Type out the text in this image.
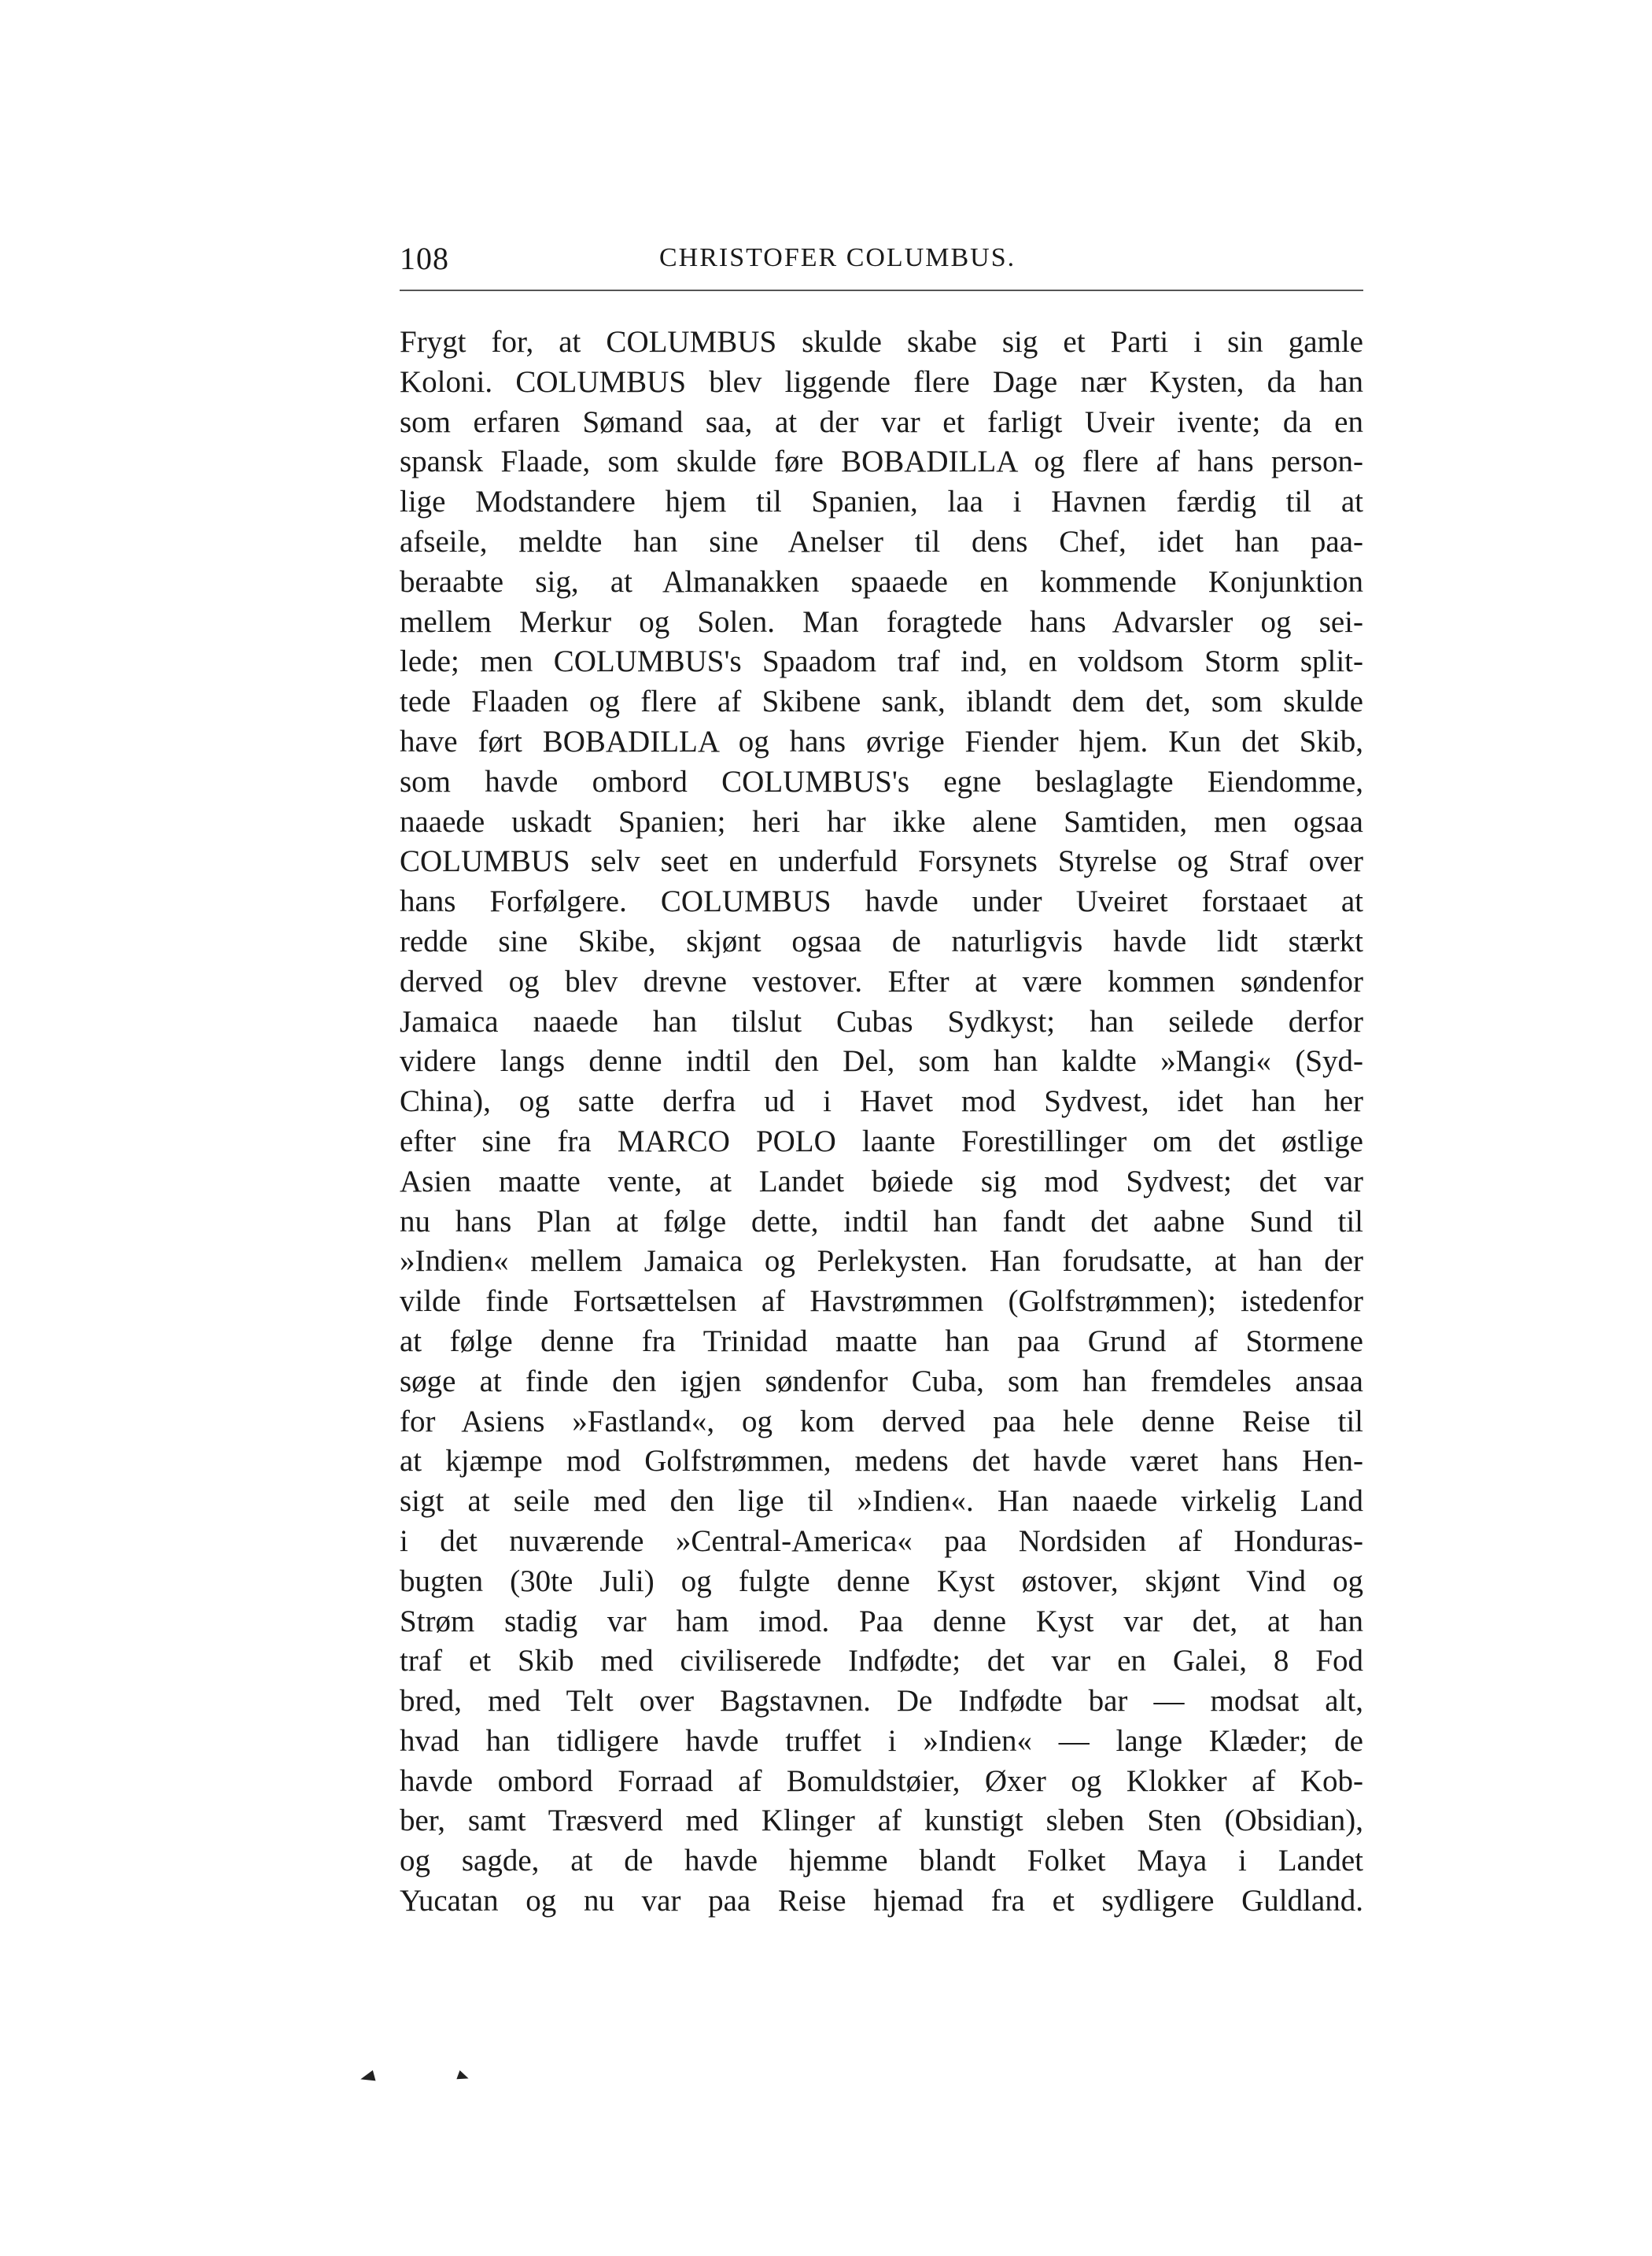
108	CHRISTOFER COLUMBUS.
Frygt for, at COLUMBUS skulde skabe sig et Parti i sin gamle
Koloni. COLUMBUS blev liggende flere Dage nær Kysten, da han
som erfaren Sømand saa, at der var et farligt Uveir ivente; da en
spansk Flaade, som skulde føre BOBADILLA og flere af hans person-
lige Modstandere hjem til Spanien, laa i Havnen færdig til at
afseile, meldte han sine Anelser til dens Chef, idet han paa-
beraabte sig, at Almanakken spaaede en kommende Konjunktion
mellem Merkur og Solen. Man foragtede hans Advarsler og sei-
lede; men COLUMBUS's Spaadom traf ind, en voldsom Storm split-
tede Flaaden og flere af Skibene sank, iblandt dem det, som skulde
have ført BOBADILLA og hans øvrige Fiender hjem. Kun det Skib,
som havde ombord COLUMBUS's egne beslaglagte Eiendomme,
naaede uskadt Spanien; heri har ikke alene Samtiden, men ogsaa
COLUMBUS selv seet en underfuld Forsynets Styrelse og Straf over
hans Forfølgere. COLUMBUS havde under Uveiret forstaaet at
redde sine Skibe, skjønt ogsaa de naturligvis havde lidt stærkt
derved og blev drevne vestover. Efter at være kommen søndenfor
Jamaica naaede han tilslut Cubas Sydkyst; han seilede derfor
videre langs denne indtil den Del, som han kaldte »Mangi« (Syd-
China), og satte derfra ud i Havet mod Sydvest, idet han her
efter sine fra MARCO POLO laante Forestillinger om det østlige
Asien maatte vente, at Landet bøiede sig mod Sydvest; det var
nu hans Plan at følge dette, indtil han fandt det aabne Sund til
»Indien« mellem Jamaica og Perlekysten. Han forudsatte, at han der
vilde finde Fortsættelsen af Havstrømmen (Golfstrømmen); istedenfor
at følge denne fra Trinidad maatte han paa Grund af Stormene
søge at finde den igjen søndenfor Cuba, som han fremdeles ansaa
for Asiens »Fastland«, og kom derved paa hele denne Reise til
at kjæmpe mod Golfstrømmen, medens det havde været hans Hen-
sigt at seile med den lige til »Indien«. Han naaede virkelig Land
i det nuværende »Central-America« paa Nordsiden af Honduras-
bugten (30te Juli) og fulgte denne Kyst østover, skjønt Vind og
Strøm stadig var ham imod. Paa denne Kyst var det, at han
traf et Skib med civiliserede Indfødte; det var en Galei, 8 Fod
bred, med Telt over Bagstavnen. De Indfødte bar — modsat alt,
hvad han tidligere havde truffet i »Indien« — lange Klæder; de
havde ombord Forraad af Bomuldstøier, Øxer og Klokker af Kob-
ber, samt Træsverd med Klinger af kunstigt sleben Sten (Obsidian),
og sagde, at de havde hjemme blandt Folket Maya i Landet
Yucatan og nu var paa Reise hjemad fra et sydligere Guldland.
